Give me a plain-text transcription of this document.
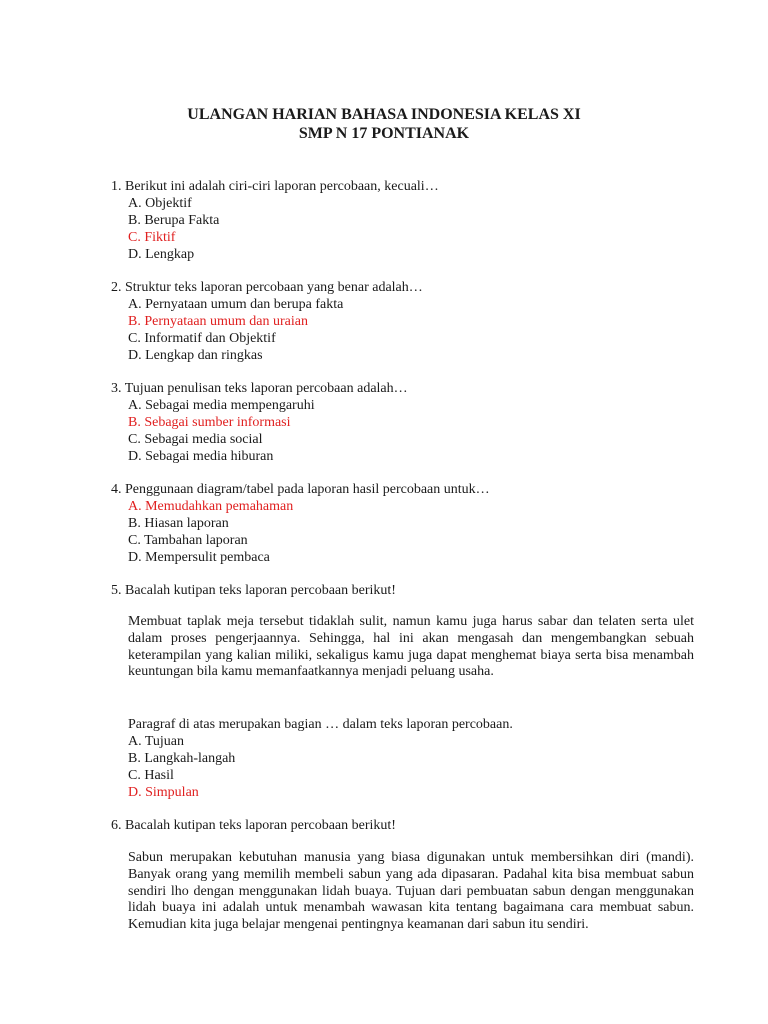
ULANGAN HARIAN BAHASA INDONESIA KELAS XI
SMP N 17 PONTIANAK
1. Berikut ini adalah ciri-ciri laporan percobaan, kecuali…
A. Objektif
B. Berupa Fakta
C. Fiktif
D. Lengkap
2. Struktur teks laporan percobaan yang benar adalah…
A. Pernyataan umum dan berupa fakta
B. Pernyataan umum dan uraian
C. Informatif dan Objektif
D. Lengkap dan ringkas
3. Tujuan penulisan teks laporan percobaan adalah…
A. Sebagai media mempengaruhi
B. Sebagai sumber informasi
C. Sebagai media social
D. Sebagai media hiburan
4. Penggunaan diagram/tabel pada laporan hasil percobaan untuk…
A. Memudahkan pemahaman
B. Hiasan laporan
C. Tambahan laporan
D. Mempersulit pembaca
5. Bacalah kutipan teks laporan percobaan berikut!
Membuat taplak meja tersebut tidaklah sulit, namun kamu juga harus sabar dan telaten serta ulet dalam proses pengerjaannya. Sehingga, hal ini akan mengasah dan mengembangkan sebuah keterampilan yang kalian miliki, sekaligus kamu juga dapat menghemat biaya serta bisa menambah keuntungan bila kamu memanfaatkannya menjadi peluang usaha.
Paragraf di atas merupakan bagian … dalam teks laporan percobaan.
A. Tujuan
B. Langkah-langah
C. Hasil
D. Simpulan
6. Bacalah kutipan teks laporan percobaan berikut!
Sabun merupakan kebutuhan manusia yang biasa digunakan untuk membersihkan diri (mandi). Banyak orang yang memilih membeli sabun yang ada dipasaran. Padahal kita bisa membuat sabun sendiri lho dengan menggunakan lidah buaya. Tujuan dari pembuatan sabun dengan menggunakan lidah buaya ini adalah untuk menambah wawasan kita tentang bagaimana cara membuat sabun. Kemudian kita juga belajar mengenai pentingnya keamanan dari sabun itu sendiri.
